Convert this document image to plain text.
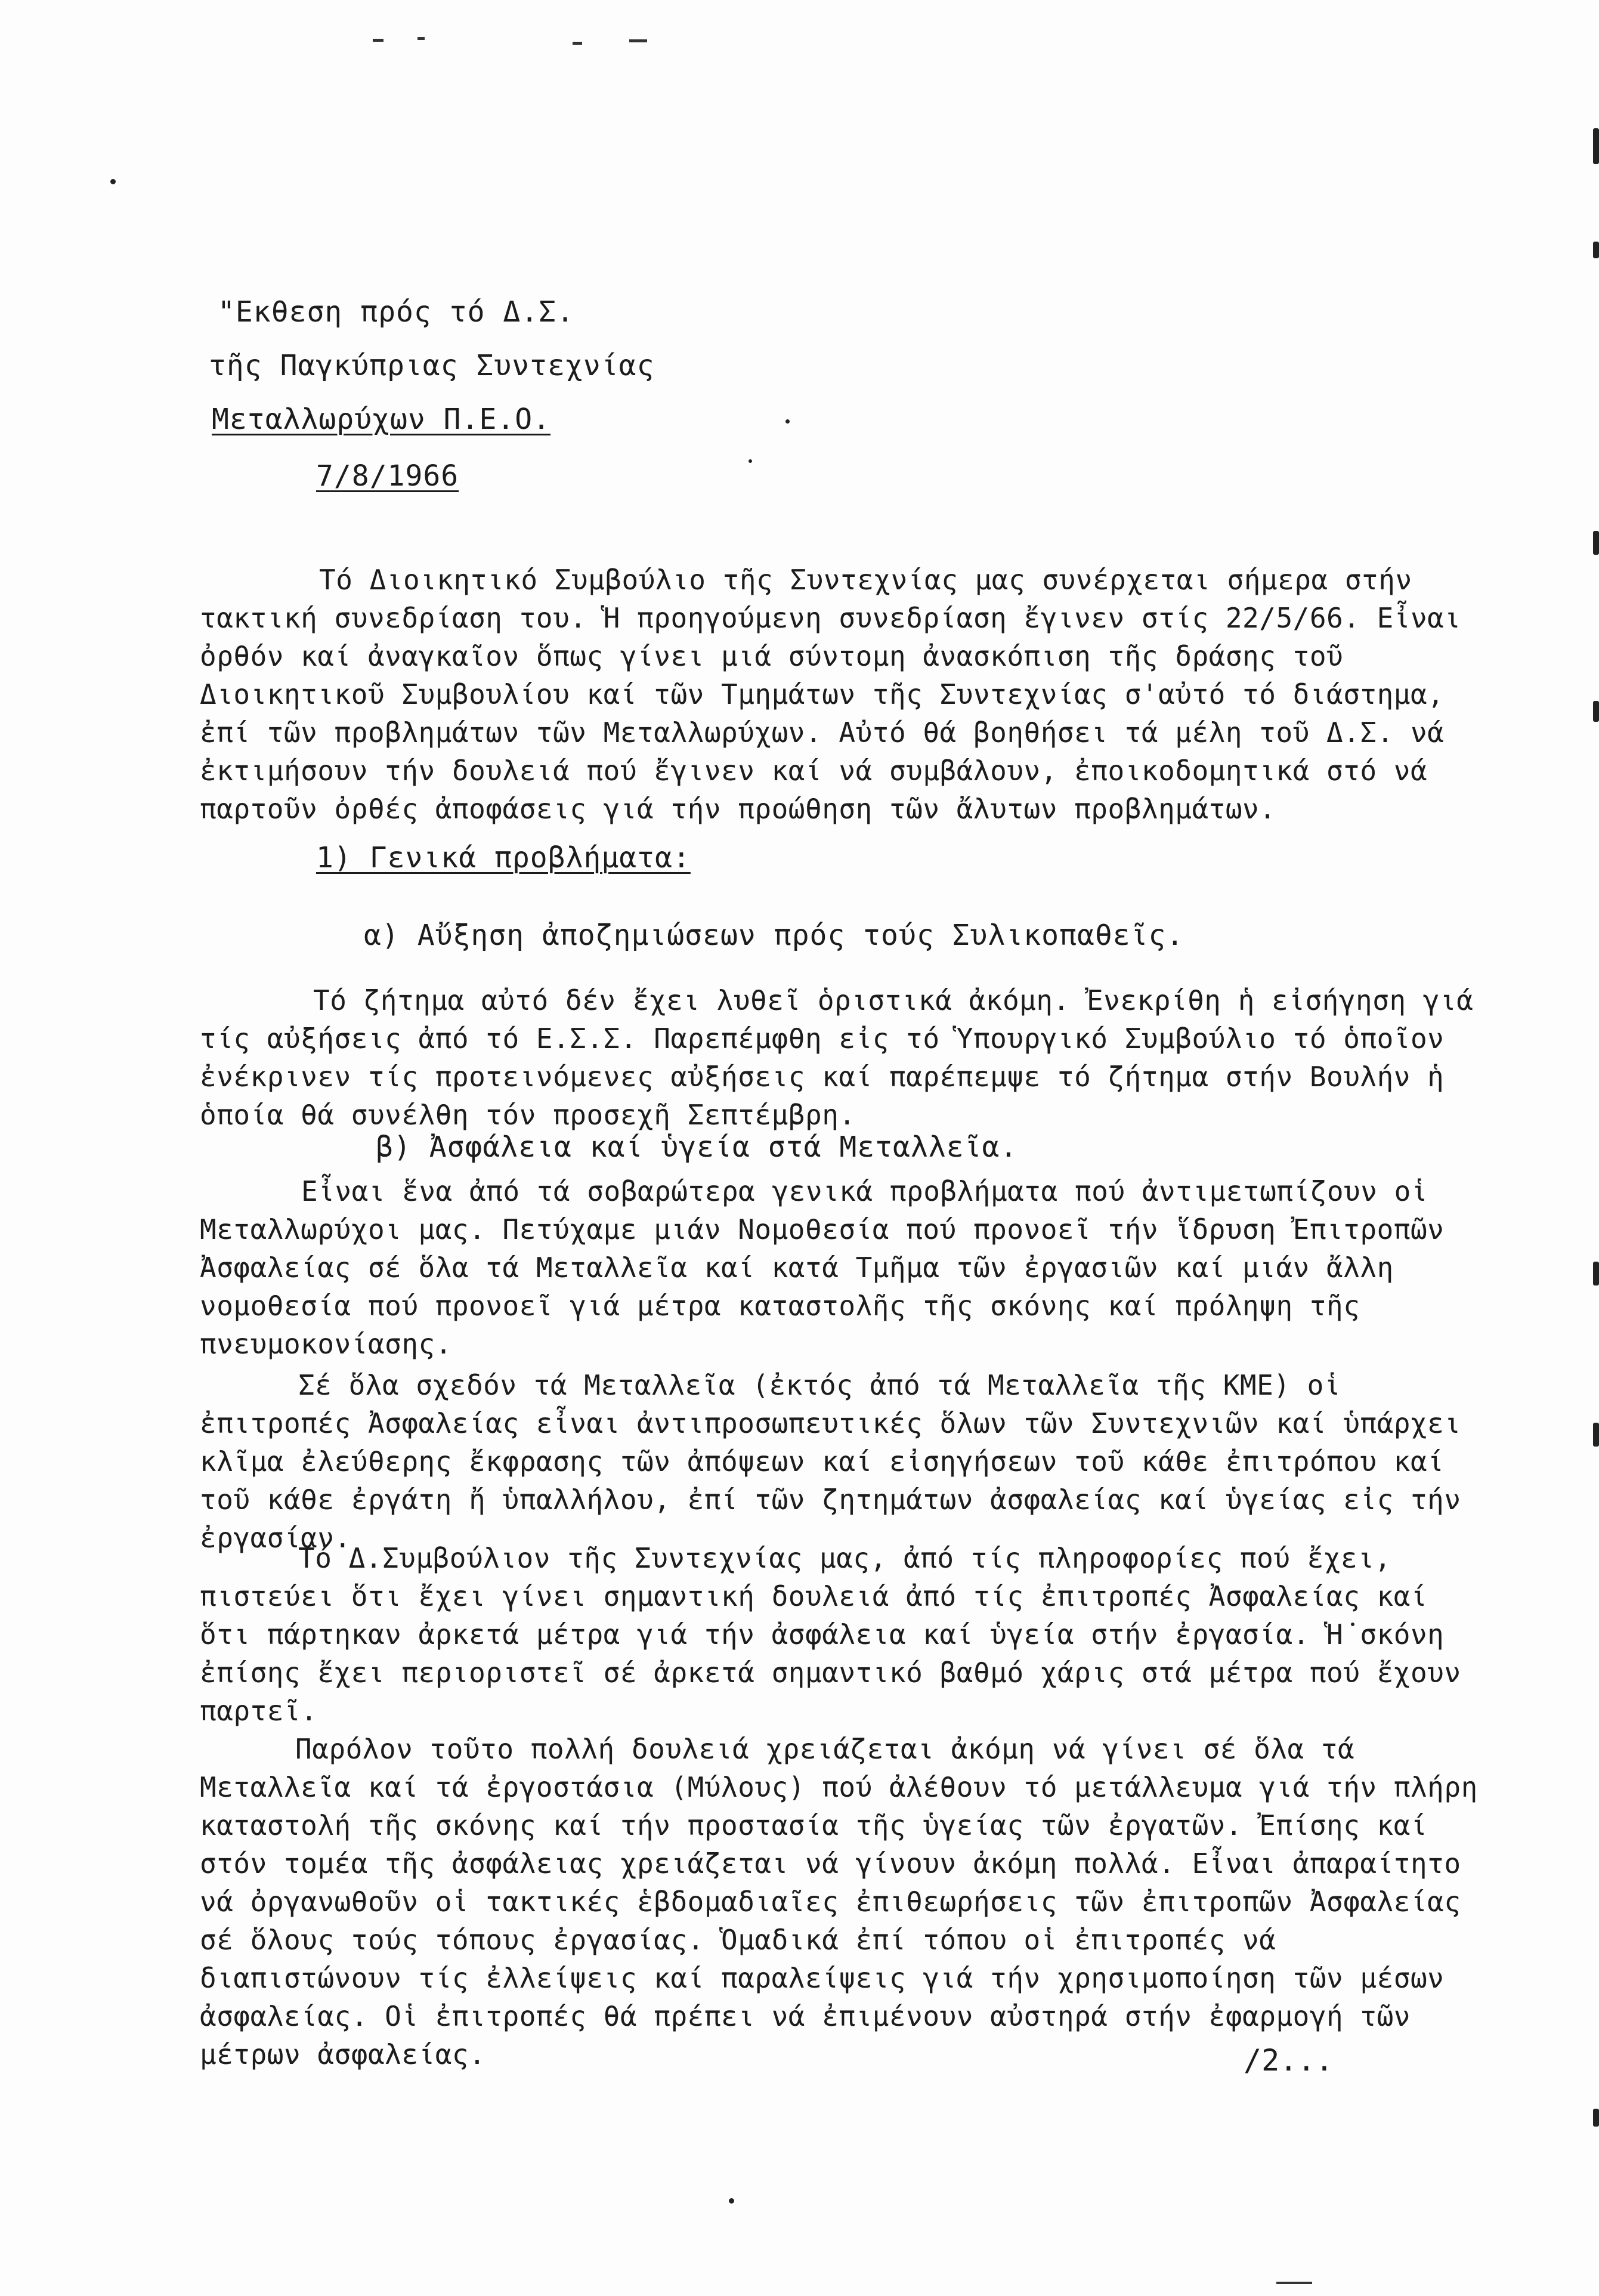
"Εκθεση πρός τό Δ.Σ.
τῆς Παγκύπριας Συντεχνίας
Μεταλλωρύχων Π.Ε.Ο.
7/8/1966
Τό Διοικητικό Συμβούλιο τῆς Συντεχνίας μας συνέρχεται σήμερα στήν τακτική συνεδρίαση του. Ἡ προηγούμενη συνεδρίαση ἔγινεν στίς 22/5/66. Εἶναι ὀρθόν καί ἀναγκαῖον ὅπως γίνει μιά σύντομη ἀνασκόπιση τῆς δράσης τοῦ Διοικητικοῦ Συμβουλίου καί τῶν Τμημάτων τῆς Συντεχνίας σ'αὐτό τό διάστημα, ἐπί τῶν προβλημάτων τῶν Μεταλλωρύχων. Αὐτό θά βοηθήσει τά μέλη τοῦ Δ.Σ. νά ἐκτιμήσουν τήν δουλειά πού ἔγινεν καί νά συμβάλουν, ἐποικοδομητικά στό νά παρτοῦν ὀρθές ἀποφάσεις γιά τήν προώθηση τῶν ἄλυτων προβλημάτων.
1) Γενικά προβλήματα:
α) Αὔξηση ἀποζημιώσεων πρός τούς Συλικοπαθεῖς.
Τό ζήτημα αὐτό δέν ἔχει λυθεῖ ὁριστικά ἀκόμη. Ἐνεκρίθη ἡ εἰσήγηση γιά τίς αὐξήσεις ἀπό τό Ε.Σ.Σ. Παρεπέμφθη εἰς τό Ὑπουργικό Συμβούλιο τό ὁποῖον ἐνέκρινεν τίς προτεινόμενες αὐξήσεις καί παρέπεμψε τό ζήτημα στήν Βουλήν ἡ ὁποία θά συνέλθη τόν προσεχῆ Σεπτέμβρη.
β) Ἀσφάλεια καί ὑγεία στά Μεταλλεῖα.
Εἶναι ἕνα ἀπό τά σοβαρώτερα γενικά προβλήματα πού ἀντιμετωπίζουν οἱ Μεταλλωρύχοι μας. Πετύχαμε μιάν Νομοθεσία πού προνοεῖ τήν ἵδρυση Ἐπιτροπῶν Ἀσφαλείας σέ ὅλα τά Μεταλλεῖα καί κατά Τμῆμα τῶν ἐργασιῶν καί μιάν ἄλλη νομοθεσία πού προνοεῖ γιά μέτρα καταστολῆς τῆς σκόνης καί πρόληψη τῆς πνευμοκονίασης.
Σέ ὅλα σχεδόν τά Μεταλλεῖα (ἐκτός ἀπό τά Μεταλλεῖα τῆς ΚΜΕ) οἱ ἐπιτροπές Ἀσφαλείας εἶναι ἀντιπροσωπευτικές ὅλων τῶν Συντεχνιῶν καί ὑπάρχει κλῖμα ἐλεύθερης ἔκφρασης τῶν ἀπόψεων καί εἰσηγήσεων τοῦ κάθε ἐπιτρόπου καί τοῦ κάθε ἐργάτη ἤ ὑπαλλήλου, ἐπί τῶν ζητημάτων ἀσφαλείας καί ὑγείας εἰς τήν ἐργασίαν.
Τό Δ.Συμβούλιον τῆς Συντεχνίας μας, ἀπό τίς πληροφορίες πού ἔχει, πιστεύει ὅτι ἔχει γίνει σημαντική δουλειά ἀπό τίς ἐπιτροπές Ἀσφαλείας καί ὅτι πάρτηκαν ἀρκετά μέτρα γιά τήν ἀσφάλεια καί ὑγεία στήν ἐργασία. Ἡ σκόνη ἐπίσης ἔχει περιοριστεῖ σέ ἀρκετά σημαντικό βαθμό χάρις στά μέτρα πού ἔχουν παρτεῖ.
Παρόλον τοῦτο πολλή δουλειά χρειάζεται ἀκόμη νά γίνει σέ ὅλα τά Μεταλλεῖα καί τά ἐργοστάσια (Μύλους) πού ἀλέθουν τό μετάλλευμα γιά τήν πλήρη καταστολή τῆς σκόνης καί τήν προστασία τῆς ὑγείας τῶν ἐργατῶν. Ἐπίσης καί στόν τομέα τῆς ἀσφάλειας χρειάζεται νά γίνουν ἀκόμη πολλά. Εἶναι ἀπαραίτητο νά ὀργανωθοῦν οἱ τακτικές ἑβδομαδιαῖες ἐπιθεωρήσεις τῶν ἐπιτροπῶν Ἀσφαλείας σέ ὅλους τούς τόπους ἐργασίας. Ὁμαδικά ἐπί τόπου οἱ ἐπιτροπές νά διαπιστώνουν τίς ἐλλείψεις καί παραλείψεις γιά τήν χρησιμοποίηση τῶν μέσων ἀσφαλείας. Οἱ ἐπιτροπές θά πρέπει νά ἐπιμένουν αὐστηρά στήν ἐφαρμογή τῶν μέτρων ἀσφαλείας.	/2...
